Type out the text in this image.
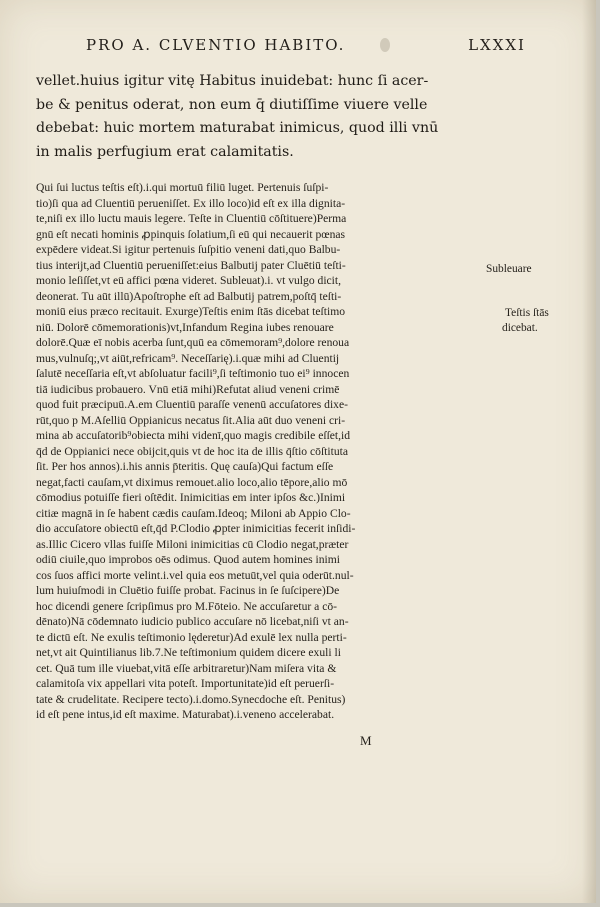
PRO A. CLVENTIO HABITO.	LXXXI
vellet.huius igitur vitę Habitus inuidebat: hunc ſi acer-
be & penitus oderat, non eum q̄ diutiſſime viuere velle
debebat: huic mortem maturabat inimicus, quod illi vnū
in malis perfugium erat calamitatis.
Qui ſui luctus teſtis eſt).i.qui mortuū filiū luget. Pertenuis ſuſpi-
tio)ſi qua ad Cluentiū perueniſſet. Ex illo loco)id eſt ex illa dignita-
te,niſi ex illo luctu mauis legere. Teſte in Cluentiū cōſtituere)Perma
gnū eſt necati hominis ꝓpinquis ſolatium,ſi eū qui necauerit pœnas
expēdere videat.Si igitur pertenuis ſuſpitio veneni dati,quo Balbu-
tius interijt,ad Cluentiū perueniſſet:eius Balbutij pater Cluētiū teſti-
monio leſiſſet,vt eū affici pœna videret. Subleuat).i. vt vulgo dicit,
deonerat. Tu aūt illū)Apoſtrophe eſt ad Balbutij patrem,poſtq̄ teſti-
moniū eius præco recitauit. Exurge)Teſtis enim ſtās dicebat teſtimo
niū. Dolorē cōmemorationis)vt,Infandum Regina iubes renouare
dolorē.Quæ eī nobis acerba ſunt,quū ea cōmemoram⁹,dolore renoua
mus,vulnuſq;,vt aiūt,refricam⁹. Neceſſarię).i.quæ mihi ad Cluentij
ſalutē neceſſaria eſt,vt abſoluatur facili⁹,ſi teſtimonio tuo ei⁹ innocen
tiā iudicibus probauero. Vnū etiā mihi)Refutat aliud veneni crimē
quod fuit præcipuū.A.em Cluentiū paraſſe venenū accuſatores dixe-
rūt,quo p M.Aſelliū Oppianicus necatus ſit.Alia aūt duo veneni cri-
mina ab accuſatorib⁹obiecta mihi videnī,quo magis credibile eſſet,id
q̄d de Oppianici nece obijcit,quis vt de hoc ita de illis q̄ſtio cōſtituta
ſit. Per hos annos).i.his annis p̄teritis. Quę cauſa)Qui factum eſſe
negat,facti cauſam,vt diximus remouet.alio loco,alio tēpore,alio mō
cōmodius potuiſſe fieri oſtēdit. Inimicitias em inter ipſos &c.)Inimi
citiæ magnā in ſe habent cædis cauſam.Ideoq; Miloni ab Appio Clo-
dio accuſatore obiectū eſt,q̄d P.Clodio ꝓpter inimicitias fecerit inſidi-
as.Illic Cicero vllas fuiſſe Miloni inimicitias cū Clodio negat,præter
odiū ciuile,quo improbos oēs odimus. Quod autem homines inimi
cos ſuos affici morte velint.i.vel quia eos metuūt,vel quia oderūt.nul-
lum huiuſmodi in Cluētio fuiſſe probat. Facinus in ſe ſuſcipere)De
hoc dicendi genere ſcripſimus pro M.Fōteio. Ne accuſaretur a cō-
dēnato)Nā cōdemnato iudicio publico accuſare nō licebat,niſi vt an-
te dictū eſt. Ne exulis teſtimonio lęderetur)Ad exulē lex nulla perti-
net,vt ait Quintilianus lib.7.Ne teſtimonium quidem dicere exuli li
cet. Quā tum ille viuebat,vitā eſſe arbitraretur)Nam miſera vita &
calamitoſa vix appellari vita poteſt. Importunitate)id eſt peruerſi-
tate & crudelitate. Recipere tecto).i.domo.Synecdoche eſt. Penitus)
id eſt pene intus,id eſt maxime. Maturabat).i.veneno accelerabat.
Subleuare
Teſtis ſtās
dicebat.
M
